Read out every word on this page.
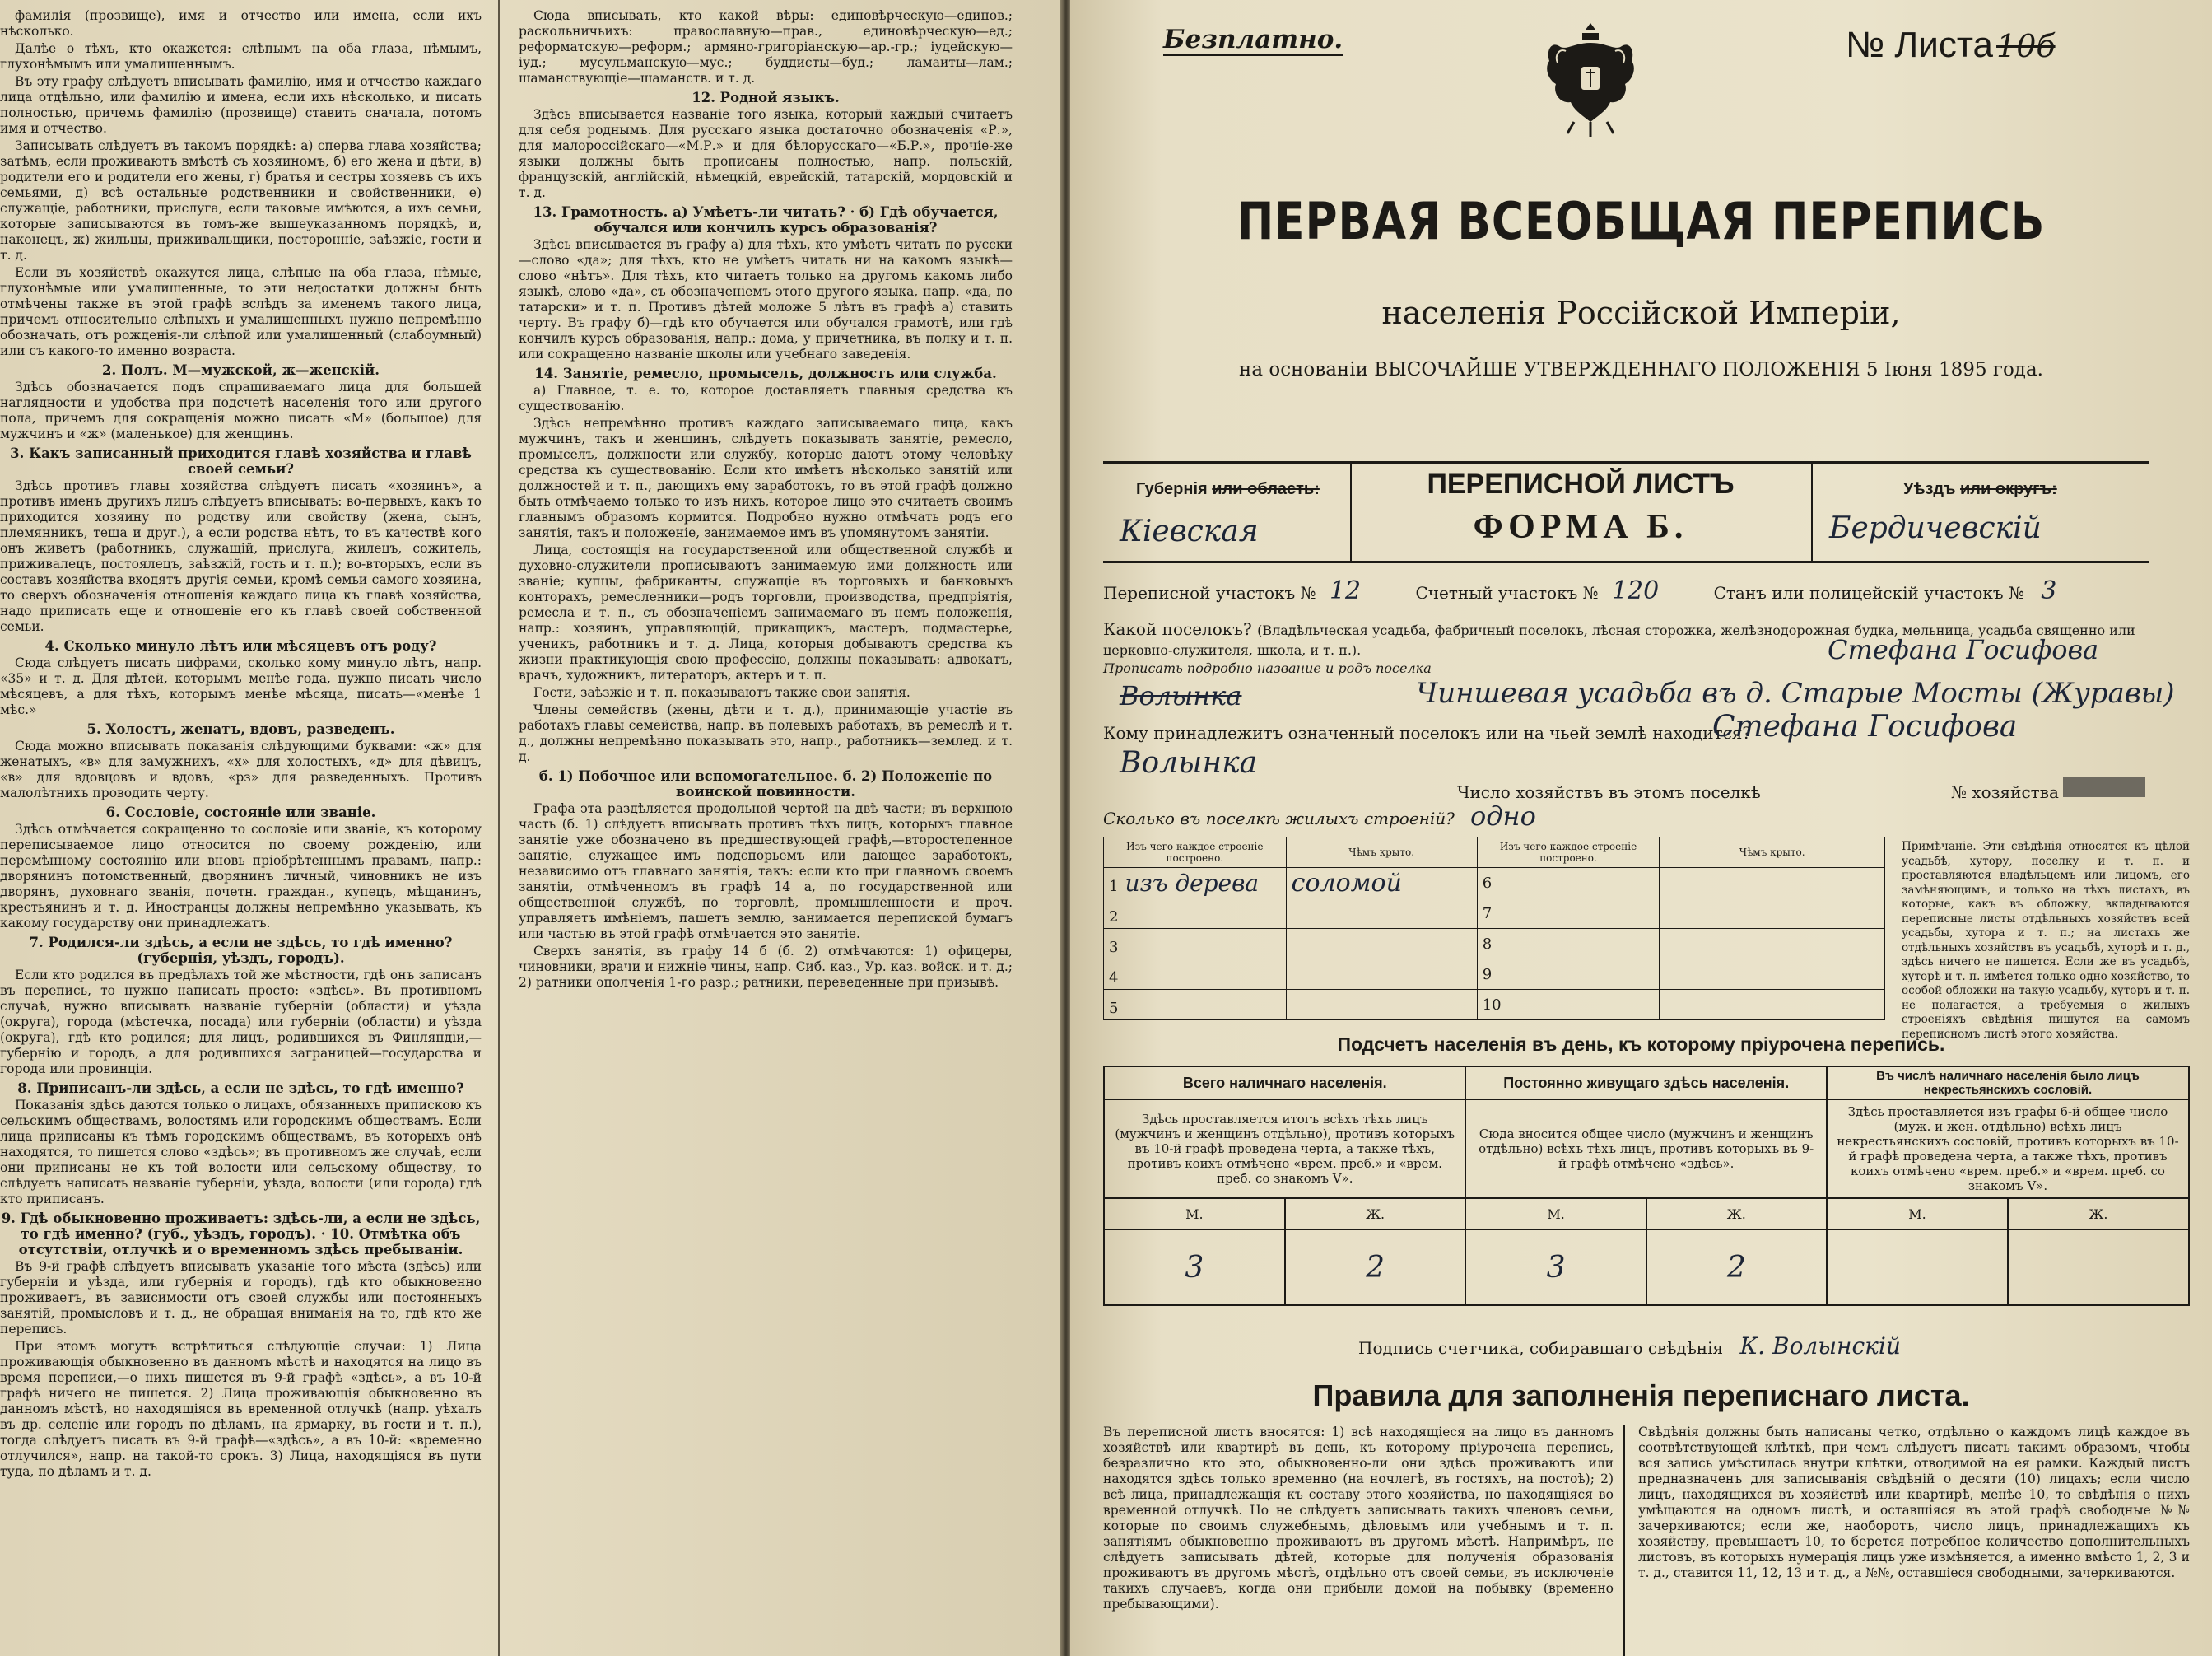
фамилія (прозвище), имя и отчество или имена, если ихъ нѣсколько.

Далѣе о тѣхъ, кто окажется: слѣпымъ на оба глаза, нѣмымъ, глухонѣмымъ или умалишеннымъ.

Въ эту графу слѣдуетъ вписывать фамилію, имя и отчество каждаго лица отдѣльно, или фамилію и имена, если ихъ нѣсколько, и писать полностью, причемъ фамилію (прозвище) ставить сначала, потомъ имя и отчество.

Записывать слѣдуетъ въ такомъ порядкѣ: а) сперва глава хозяйства; затѣмъ, если проживаютъ вмѣстѣ съ хозяиномъ, б) его жена и дѣти, в) родители его и родители его жены, г) братья и сестры хозяевъ съ ихъ семьями, д) всѣ остальные родственники и свойственники, е) служащіе, работники, прислуга, если таковые имѣются, а ихъ семьи, которые записываются въ томъ-же вышеуказанномъ порядкѣ, и, наконецъ, ж) жильцы, приживальщики, посторонніе, заѣзжіе, гости и т. д.

Если въ хозяйствѣ окажутся лица, слѣпые на оба глаза, нѣмые, глухонѣмые или умалишенные, то эти недостатки должны быть отмѣчены также въ этой графѣ вслѣдъ за именемъ такого лица, причемъ относительно слѣпыхъ и умалишенныхъ нужно непремѣнно обозначать, отъ рожденія-ли слѣпой или умалишенный (слабоумный) или съ какого-то именно возраста.

2. Полъ. М—мужской, ж—женскій.

Здѣсь обозначается подъ спрашиваемаго лица для большей наглядности и удобства при подсчетѣ населенія того или другого пола, причемъ для сокращенія можно писать «М» (большое) для мужчинъ и «ж» (маленькое) для женщинъ.

3. Какъ записанный приходится главѣ хозяйства и главѣ своей семьи?

Здѣсь противъ главы хозяйства слѣдуетъ писать «хозяинъ», а противъ именъ другихъ лицъ слѣдуетъ вписывать: во-первыхъ, какъ то приходится хозяину по родству или свойству (жена, сынъ, племянникъ, теща и друг.), а если родства нѣтъ, то въ качествѣ кого онъ живетъ (работникъ, служащій, прислуга, жилецъ, сожитель, приживалецъ, постоялецъ, заѣзжій, гость и т. п.); во-вторыхъ, если въ составъ хозяйства входятъ другія семьи, кромѣ семьи самого хозяина, то сверхъ обозначенія отношенія каждаго лица къ главѣ хозяйства, надо приписать еще и отношеніе его къ главѣ своей собственной семьи.

4. Сколько минуло лѣтъ или мѣсяцевъ отъ роду?

Сюда слѣдуетъ писать цифрами, сколько кому минуло лѣтъ, напр. «35» и т. д. Для дѣтей, которымъ менѣе года, нужно писать число мѣсяцевъ, а для тѣхъ, которымъ менѣе мѣсяца, писать—«менѣе 1 мѣс.»

5. Холостъ, женатъ, вдовъ, разведенъ.

Сюда можно вписывать показанія слѣдующими буквами: «ж» для женатыхъ, «в» для замужнихъ, «х» для холостыхъ, «д» для дѣвицъ, «в» для вдовцовъ и вдовъ, «рз» для разведенныхъ. Противъ малолѣтнихъ проводить черту.

6. Сословіе, состояніе или званіе.

Здѣсь отмѣчается сокращенно то сословіе или званіе, къ которому переписываемое лицо относится по своему рожденію, или перемѣнному состоянію или вновь пріобрѣтеннымъ правамъ, напр.: дворянинъ потомственный, дворянинъ личный, чиновникъ не изъ дворянъ, духовнаго званія, почетн. граждан., купецъ, мѣщанинъ, крестьянинъ и т. д. Иностранцы должны непремѣнно указывать, къ какому государству они принадлежатъ.

7. Родился-ли здѣсь, а если не здѣсь, то гдѣ именно? (губернія, уѣздъ, городъ).

Если кто родился въ предѣлахъ той же мѣстности, гдѣ онъ записанъ въ перепись, то нужно написать просто: «здѣсь». Въ противномъ случаѣ, нужно вписывать названіе губерніи (области) и уѣзда (округа), города (мѣстечка, посада) или губерніи (области) и уѣзда (округа), гдѣ кто родился; для лицъ, родившихся въ Финляндіи,—губернію и городъ, а для родившихся заграницей—государства и города или провинціи.

8. Приписанъ-ли здѣсь, а если не здѣсь, то гдѣ именно?

Показанія здѣсь даются только о лицахъ, обязанныхъ припискою къ сельскимъ обществамъ, волостямъ или городскимъ обществамъ. Если лица приписаны къ тѣмъ городскимъ обществамъ, въ которыхъ онѣ находятся, то пишется слово «здѣсь»; въ противномъ же случаѣ, если они приписаны не къ той волости или сельскому обществу, то слѣдуетъ написать названіе губерніи, уѣзда, волости (или города) гдѣ кто приписанъ.

9. Гдѣ обыкновенно проживаетъ: здѣсь-ли, а если не здѣсь, то гдѣ именно? (губ., уѣздъ, городъ). · 10. Отмѣтка объ отсутствіи, отлучкѣ и о временномъ здѣсь пребываніи.

Въ 9-й графѣ слѣдуетъ вписывать указаніе того мѣста (здѣсь) или губерніи и уѣзда, или губернія и городъ), гдѣ кто обыкновенно проживаетъ, въ зависимости отъ своей службы или постоянныхъ занятій, промысловъ и т. д., не обращая вниманія на то, гдѣ кто же перепись.

При этомъ могутъ встрѣтиться слѣдующіе случаи: 1) Лица проживающія обыкновенно въ данномъ мѣстѣ и находятся на лицо въ время переписи,—о нихъ пишется въ 9-й графѣ «здѣсь», а въ 10-й графѣ ничего не пишется. 2) Лица проживающія обыкновенно въ данномъ мѣстѣ, но находящіяся въ временной отлучкѣ (напр. уѣхалъ въ др. селеніе или городъ по дѣламъ, на ярмарку, въ гости и т. п.), тогда слѣдуетъ писать въ 9-й графѣ—«здѣсь», а въ 10-й: «временно отлучился», напр. на такой-то срокъ. 3) Лица, находящіяся въ пути туда, по дѣламъ и т. д.

Сюда вписывать, кто какой вѣры: единовѣрческую—единов.; раскольничьихъ: православную—прав., единовѣрческую—ед.; реформатскую—реформ.; армяно-григоріанскую—ар.-гр.; іудейскую—іуд.; мусульманскую—мус.; буддисты—буд.; ламаиты—лам.; шаманствующіе—шаманств. и т. д.

12. Родной языкъ.

Здѣсь вписывается названіе того языка, который каждый считаетъ для себя роднымъ. Для русскаго языка достаточно обозначенія «Р.», для малороссійскаго—«М.Р.» и для бѣлорусскаго—«Б.Р.», прочіе-же языки должны быть прописаны полностью, напр. польскій, французскій, англійскій, нѣмецкій, еврейскій, татарскій, мордовскій и т. д.

13. Грамотность. а) Умѣетъ-ли читать? · б) Гдѣ обучается, обучался или кончилъ курсъ образованія?

Здѣсь вписывается въ графу а) для тѣхъ, кто умѣетъ читать по русски—слово «да»; для тѣхъ, кто не умѣетъ читать ни на какомъ языкѣ—слово «нѣтъ». Для тѣхъ, кто читаетъ только на другомъ какомъ либо языкѣ, слово «да», съ обозначеніемъ этого другого языка, напр. «да, по татарски» и т. п. Противъ дѣтей моложе 5 лѣтъ въ графѣ а) ставить черту. Въ графу б)—гдѣ кто обучается или обучался грамотѣ, или гдѣ кончилъ курсъ образованія, напр.: дома, у причетника, въ полку и т. п. или сокращенно названіе школы или учебнаго заведенія.

14. Занятіе, ремесло, промыселъ, должность или служба.

а) Главное, т. е. то, которое доставляетъ главныя средства къ существованію.

Здѣсь непремѣнно противъ каждаго записываемаго лица, какъ мужчинъ, такъ и женщинъ, слѣдуетъ показывать занятіе, ремесло, промыселъ, должности или службу, которые даютъ этому человѣку средства къ существованію. Если кто имѣетъ нѣсколько занятій или должностей и т. п., дающихъ ему заработокъ, то въ этой графѣ должно быть отмѣчаемо только то изъ нихъ, которое лицо это считаетъ своимъ главнымъ образомъ кормится. Подробно нужно отмѣчать родъ его занятія, такъ и положеніе, занимаемое имъ въ упомянутомъ занятіи.

Лица, состоящія на государственной или общественной службѣ и духовно-служители прописываютъ занимаемую ими должность или званіе; купцы, фабриканты, служащіе въ торговыхъ и банковыхъ конторахъ, ремесленники—родъ торговли, производства, предпріятія, ремесла и т. п., съ обозначеніемъ занимаемаго въ немъ положенія, напр.: хозяинъ, управляющій, прикащикъ, мастеръ, подмастерье, ученикъ, работникъ и т. д. Лица, которыя добываютъ средства къ жизни практикующія свою профессію, должны показывать: адвокатъ, врачъ, художникъ, литераторъ, актеръ и т. п.

Гости, заѣзжіе и т. п. показываютъ также свои занятія.

Члены семействъ (жены, дѣти и т. д.), принимающіе участіе въ работахъ главы семейства, напр. въ полевыхъ работахъ, въ ремеслѣ и т. д., должны непремѣнно показывать это, напр., работникъ—землед. и т. д.

б. 1) Побочное или вспомогательное. б. 2) Положеніе по воинской повинности.

Графа эта раздѣляется продольной чертой на двѣ части; въ верхнюю часть (б. 1) слѣдуетъ вписывать противъ тѣхъ лицъ, которыхъ главное занятіе уже обозначено въ предшествующей графѣ,—второстепенное занятіе, служащее имъ подспорьемъ или дающее заработокъ, независимо отъ главнаго занятія, такъ: если кто при главномъ своемъ занятіи, отмѣченномъ въ графѣ 14 а, по государственной или общественной службѣ, по торговлѣ, промышленности и проч. управляетъ имѣніемъ, пашетъ землю, занимается перепиской бумагъ или частью въ этой графѣ отмѣчается это занятіе.

Сверхъ занятія, въ графу 14 б (б. 2) отмѣчаются: 1) офицеры, чиновники, врачи и нижніе чины, напр. Сиб. каз., Ур. каз. войск. и т. д.; 2) ратники ополченія 1-го разр.; ратники, переведенные при призывѣ.

Безплатно.	№ Листа 10б
ПЕРВАЯ ВСЕОБЩАЯ ПЕРЕПИСЬ
населенія Россійской Имперіи,
на основаніи ВЫСОЧАЙШЕ УТВЕРЖДЕННАГО ПОЛОЖЕНІЯ 5 Іюня 1895 года.
Губернія или область:
Кіевская
ПЕРЕПИСНОЙ ЛИСТЪ
ФОРМА Б.
Уѣздъ или округъ:
Бердичевскій
Переписной участокъ № 12	Счетный участокъ № 120	Станъ или полицейскій участокъ № 3
Какой поселокъ? (Владѣльческая усадьба, фабричный поселокъ, лѣсная сторожка, желѣзнодорожная будка, мельница, усадьба священно или церковно-служителя, школа, и т. п.).	Стефана Госифова
Прописать подробно название и родъ поселка
Волынка	Чиншевая усадьба въ д. Старые Мосты (Журавы)
Кому принадлежитъ означенный поселокъ или на чьей землѣ находится?
Стефана Госифова
Волынка
Число хозяйствъ въ этомъ поселкѣ	№ хозяйства
Сколько въ поселкѣ жилыхъ строеній? одно
Изъ чего каждое строеніе построено.	Чѣмъ крыто.	Изъ чего каждое строеніе построено.	Чѣмъ крыто.
1 изъ дерева	соломой	6	
2		7	
3		8	
4		9	
5		10	
Примѣчаніе. Эти свѣдѣнія относятся къ цѣлой усадьбѣ, хутору, поселку и т. п. и проставляются владѣльцемъ или лицомъ, его замѣняющимъ, и только на тѣхъ листахъ, въ которые, какъ въ обложку, вкладываются переписные листы отдѣльныхъ хозяйствъ всей усадьбы, хутора и т. п.; на листахъ же отдѣльныхъ хозяйствъ въ усадьбѣ, хуторѣ и т. д., здѣсь ничего не пишется. Если же въ усадьбѣ, хуторѣ и т. п. имѣется только одно хозяйство, то особой обложки на такую усадьбу, хуторъ и т. п. не полагается, а требуемыя о жилыхъ строеніяхъ свѣдѣнія пишутся на самомъ переписномъ листѣ этого хозяйства.
Подсчетъ населенія въ день, къ которому пріурочена перепись.
Всего наличнаго населенія.		Постоянно живущаго здѣсь населенія.		Въ числѣ наличнаго населенія было лицъ некрестьянскихъ сословій.	
Здѣсь проставляется итогъ всѣхъ тѣхъ лицъ (мужчинъ и женщинъ отдѣльно), противъ которыхъ въ 10-й графѣ проведена черта, а также тѣхъ, противъ коихъ отмѣчено «врем. преб.» и «врем. преб. со знакомъ V».		Сюда вносится общее число (мужчинъ и женщинъ отдѣльно) всѣхъ тѣхъ лицъ, противъ которыхъ въ 9-й графѣ отмѣчено «здѣсь».		Здѣсь проставляется изъ графы 6-й общее число (муж. и жен. отдѣльно) всѣхъ лицъ некрестьянскихъ сословій, противъ которыхъ въ 10-й графѣ проведена черта, а также тѣхъ, противъ коихъ отмѣчено «врем. преб.» и «врем. преб. со знакомъ V».	
М.	Ж.	М.	Ж.	М.	Ж.
3	2	3	2		
Подпись счетчика, собиравшаго свѣдѣнія К. Волынскій
Правила для заполненія переписнаго листа.
Въ переписной листъ вносятся: 1) всѣ находящіеся на лицо въ данномъ хозяйствѣ или квартирѣ въ день, къ которому пріурочена перепись, безразлично кто это, обыкновенно-ли они здѣсь проживаютъ или находятся здѣсь только временно (на ночлегѣ, въ гостяхъ, на постоѣ); 2) всѣ лица, принадлежащія къ составу этого хозяйства, но находящіяся во временной отлучкѣ. Но не слѣдуетъ записывать такихъ членовъ семьи, которые по своимъ служебнымъ, дѣловымъ или учебнымъ и т. п. занятіямъ обыкновенно проживаютъ въ другомъ мѣстѣ. Напримѣръ, не слѣдуетъ записывать дѣтей, которые для полученія образованія проживаютъ въ другомъ мѣстѣ, отдѣльно отъ своей семьи, въ исключеніе такихъ случаевъ, когда они прибыли домой на побывку (временно пребывающими).
Свѣдѣнія должны быть написаны четко, отдѣльно о каждомъ лицѣ каждое въ соотвѣтствующей клѣткѣ, при чемъ слѣдуетъ писать такимъ образомъ, чтобы вся запись умѣстилась внутри клѣтки, отводимой на ея рамки. Каждый листъ предназначенъ для записыванія свѣдѣній о десяти (10) лицахъ; если число лицъ, находящихся въ хозяйствѣ или квартирѣ, менѣе 10, то свѣдѣнія о нихъ умѣщаются на одномъ листѣ, и оставшіяся въ этой графѣ свободные №№ зачеркиваются; если же, наоборотъ, число лицъ, принадлежащихъ къ хозяйству, превышаетъ 10, то берется потребное количество дополнительныхъ листовъ, въ которыхъ нумерація лицъ уже измѣняется, а именно вмѣсто 1, 2, 3 и т. д., ставится 11, 12, 13 и т. д., а №№, оставшіеся свободными, зачеркиваются.
